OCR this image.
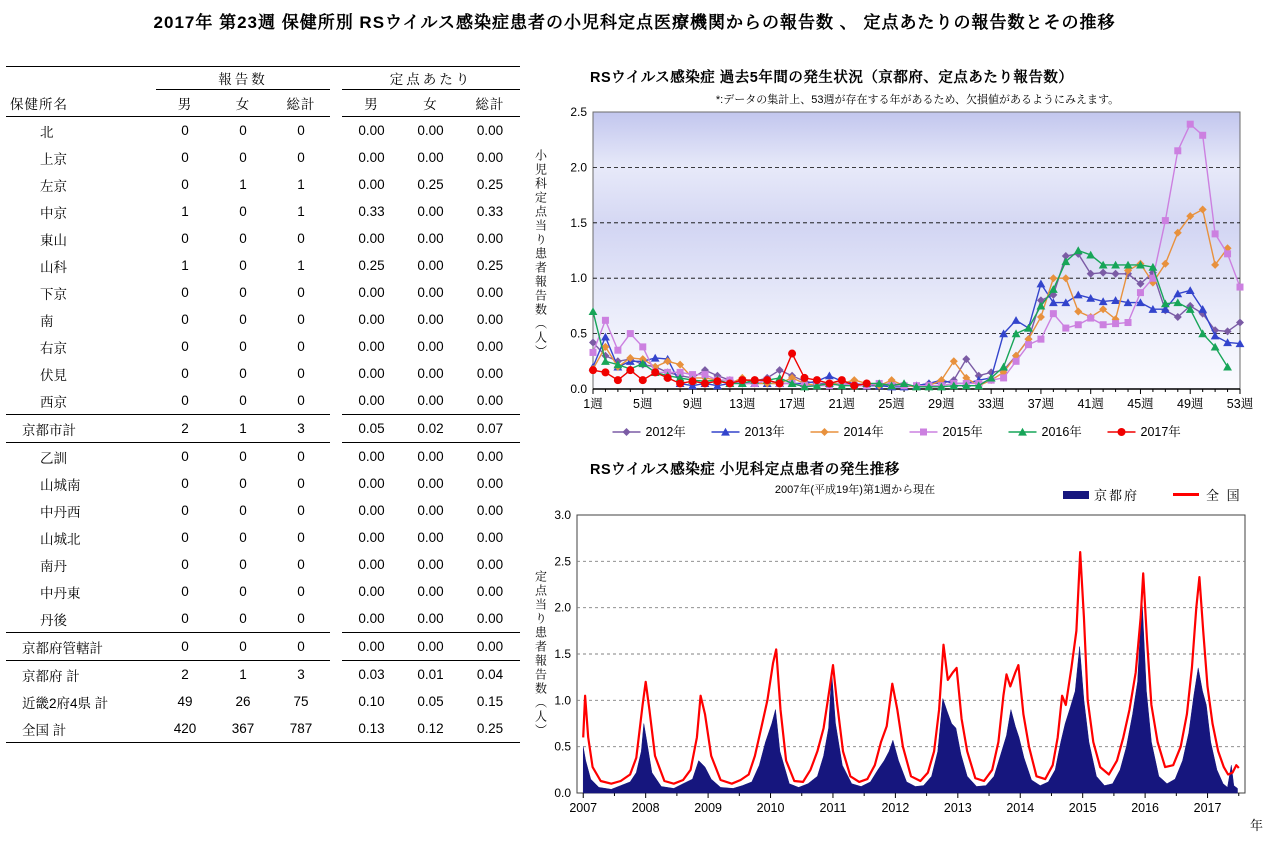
2017年 第23週 保健所別 RSウイルス感染症患者の小児科定点医療機関からの報告数 、 定点あたりの報告数とその推移
	報告数				定点あたり		
保健所名	男	女	総計		男	女	総計
北	0	0	0		0.00	0.00	0.00
上京	0	0	0		0.00	0.00	0.00
左京	0	1	1		0.00	0.25	0.25
中京	1	0	1		0.33	0.00	0.33
東山	0	0	0		0.00	0.00	0.00
山科	1	0	1		0.25	0.00	0.25
下京	0	0	0		0.00	0.00	0.00
南	0	0	0		0.00	0.00	0.00
右京	0	0	0		0.00	0.00	0.00
伏見	0	0	0		0.00	0.00	0.00
西京	0	0	0		0.00	0.00	0.00
京都市計	2	1	3		0.05	0.02	0.07
乙訓	0	0	0		0.00	0.00	0.00
山城南	0	0	0		0.00	0.00	0.00
中丹西	0	0	0		0.00	0.00	0.00
山城北	0	0	0		0.00	0.00	0.00
南丹	0	0	0		0.00	0.00	0.00
中丹東	0	0	0		0.00	0.00	0.00
丹後	0	0	0		0.00	0.00	0.00
京都府管轄計	0	0	0		0.00	0.00	0.00
京都府 計	2	1	3		0.03	0.01	0.04
近畿2府4県 計	49	26	75		0.10	0.05	0.15
全国 計	420	367	787		0.13	0.12	0.25
RSウイルス感染症 過去5年間の発生状況（京都府、定点あたり報告数）
*:データの集計上、53週が存在する年があるため、欠損値があるようにみえます。
小児科定点当り患者報告数（人）
0.0
0.5
1.0
1.5
2.0
2.5
1週 5週 9週 13週 17週 21週 25週 29週 33週 37週 41週 45週 49週 53週
2012年	2013年	2014年	2015年	2016年	2017年
RSウイルス感染症 小児科定点患者の発生推移
2007年(平成19年)第1週から現在	京都府	全 国
定点当り患者報告数（人）
0.0
0.5
1.0
1.5
2.0
2.5
3.0
2007	2008	2009	2010	2011	2012	2013	2014	2015	2016	2017
年
